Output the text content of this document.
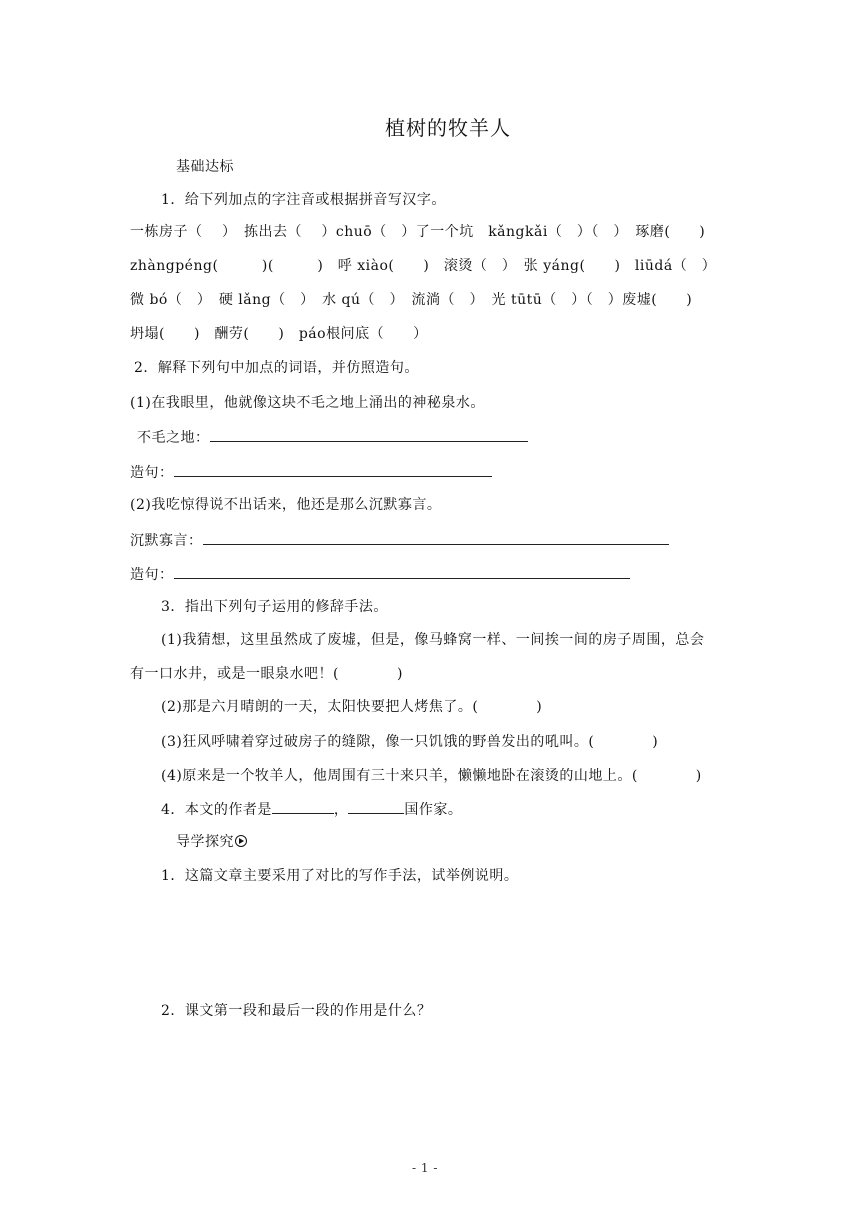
植树的牧羊人
基础达标
1．给下列加点的字注音或根据拼音写汉字。
一栋房子（　 ）　拣出去（　 ）chuō（　）了一个坑　kǎngkǎi（　）（　）　琢磨(　　)
zhàngpéng(　　　)(　　　)　呼 xiào(　　)　滚烫（　）　张 yáng(　　)　liūdá（　）
微 bó（　）　硬 lǎng（　）　水 qú（　）　流淌（　）　光 tūtū（　）（　）废墟(　　)
坍塌(　　)　酬劳(　　)　páo根问底（　　）
2．解释下列句中加点的词语，并仿照造句。
(1)在我眼里，他就像这块不毛之地上涌出的神秘泉水。
不毛之地：
造句：
(2)我吃惊得说不出话来，他还是那么沉默寡言。
沉默寡言：
造句：
3．指出下列句子运用的修辞手法。
(1)我猜想，这里虽然成了废墟，但是，像马蜂窝一样、一间挨一间的房子周围，总会
有一口水井，或是一眼泉水吧！(　　　　)
(2)那是六月晴朗的一天，太阳快要把人烤焦了。(　　　　)
(3)狂风呼啸着穿过破房子的缝隙，像一只饥饿的野兽发出的吼叫。(　　　　)
(4)原来是一个牧羊人，他周围有三十来只羊，懒懒地卧在滚烫的山地上。(　　　　)
4．本文的作者是	，	国作家。
导学探究
1．这篇文章主要采用了对比的写作手法，试举例说明。
2．课文第一段和最后一段的作用是什么？
- 1 -
